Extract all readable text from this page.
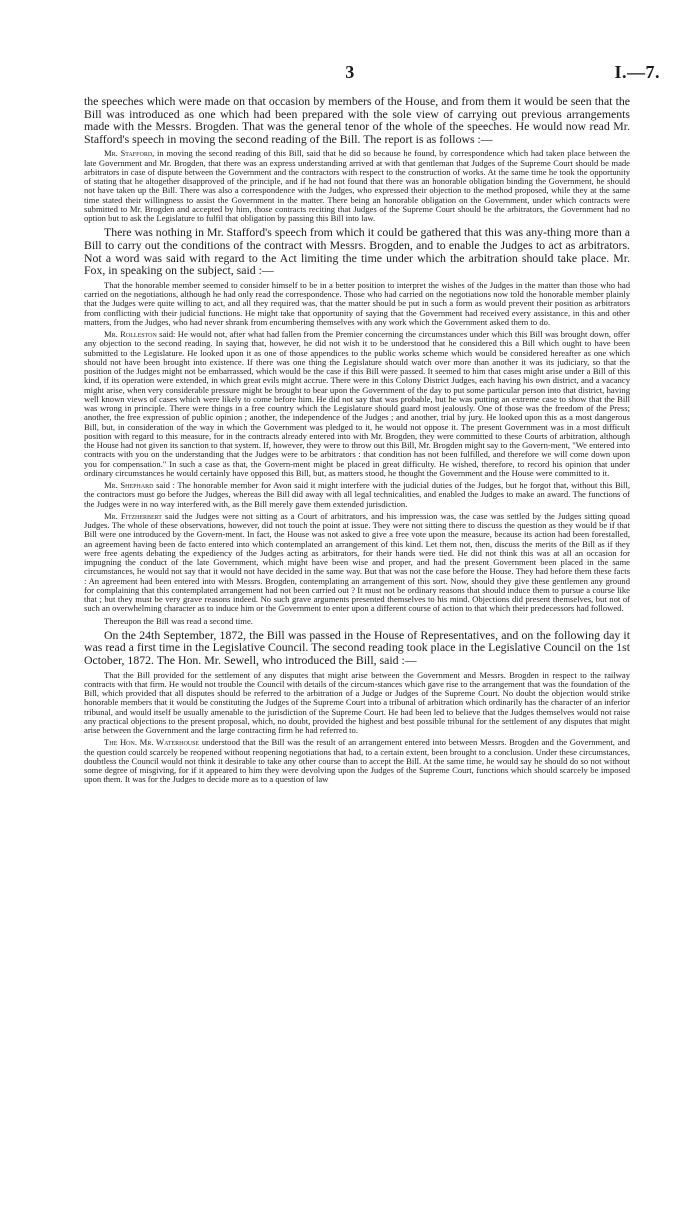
3	I.—7.

the speeches which were made on that occasion by members of the House, and from them it would be seen that the Bill was introduced as one which had been prepared with the sole view of carrying out previous arrangements made with the Messrs. Brogden. That was the general tenor of the whole of the speeches. He would now read Mr. Stafford's speech in moving the second reading of the Bill. The report is as follows :—

Mr. Stafford, in moving the second reading of this Bill, said that he did so because he found, by correspondence which had taken place between the late Government and Mr. Brogden, that there was an express understanding arrived at with that gentleman that Judges of the Supreme Court should be made arbitrators in case of dispute between the Government and the contractors with respect to the construction of works. At the same time he took the opportunity of stating that he altogether disapproved of the principle, and if he had not found that there was an honorable obligation binding the Government, he should not have taken up the Bill. There was also a correspondence with the Judges, who expressed their objection to the method proposed, while they at the same time stated their willingness to assist the Government in the matter. There being an honorable obligation on the Government, under which contracts were submitted to Mr. Brogden and accepted by him, those contracts reciting that Judges of the Supreme Court should be the arbitrators, the Government had no option but to ask the Legislature to fulfil that obligation by passing this Bill into law.

There was nothing in Mr. Stafford's speech from which it could be gathered that this was any-thing more than a Bill to carry out the conditions of the contract with Messrs. Brogden, and to enable the Judges to act as arbitrators. Not a word was said with regard to the Act limiting the time under which the arbitration should take place. Mr. Fox, in speaking on the subject, said :—

That the honorable member seemed to consider himself to be in a better position to interpret the wishes of the Judges in the matter than those who had carried on the negotiations, although he had only read the correspondence. Those who had carried on the negotiations now told the honorable member plainly that the Judges were quite willing to act, and all they required was, that the matter should be put in such a form as would prevent their position as arbitrators from conflicting with their judicial functions. He might take that opportunity of saying that the Government had received every assistance, in this and other matters, from the Judges, who had never shrank from encumbering themselves with any work which the Government asked them to do.

Mr. Rolleston said: He would not, after what had fallen from the Premier concerning the circumstances under which this Bill was brought down, offer any objection to the second reading. In saying that, however, he did not wish it to be understood that he considered this a Bill which ought to have been submitted to the Legislature. He looked upon it as one of those appendices to the public works scheme which would be considered hereafter as one which should not have been brought into existence. If there was one thing the Legislature should watch over more than another it was its judiciary, so that the position of the Judges might not be embarrassed, which would be the case if this Bill were passed. It seemed to him that cases might arise under a Bill of this kind, if its operation were extended, in which great evils might accrue. There were in this Colony District Judges, each having his own district, and a vacancy might arise, when very considerable pressure might be brought to bear upon the Government of the day to put some particular person into that district, having well known views of cases which were likely to come before him. He did not say that was probable, but he was putting an extreme case to show that the Bill was wrong in principle. There were things in a free country which the Legislature should guard most jealously. One of those was the freedom of the Press; another, the free expression of public opinion ; another, the independence of the Judges ; and another, trial by jury. He looked upon this as a most dangerous Bill, but, in consideration of the way in which the Government was pledged to it, he would not oppose it. The present Government was in a most difficult position with regard to this measure, for in the contracts already entered into with Mr. Brogden, they were committed to these Courts of arbitration, although the House had not given its sanction to that system. If, however, they were to throw out this Bill, Mr. Brogden might say to the Govern-ment, "We entered into contracts with you on the understanding that the Judges were to be arbitrators : that condition has not been fulfilled, and therefore we will come down upon you for compensation." In such a case as that, the Govern-ment might be placed in great difficulty. He wished, therefore, to record his opinion that under ordinary circumstances he would certainly have opposed this Bill, but, as matters stood, he thought the Government and the House were committed to it.

Mr. Shephard said : The honorable member for Avon said it might interfere with the judicial duties of the Judges, but he forgot that, without this Bill, the contractors must go before the Judges, whereas the Bill did away with all legal technicalities, and enabled the Judges to make an award. The functions of the Judges were in no way interfered with, as the Bill merely gave them extended jurisdiction.

Mr. Fitzherbert said the Judges were not sitting as a Court of arbitrators, and his impression was, the case was settled by the Judges sitting quoad Judges. The whole of these observations, however, did not touch the point at issue. They were not sitting there to discuss the question as they would be if that Bill were one introduced by the Govern-ment. In fact, the House was not asked to give a free vote upon the measure, because its action had been forestalled, an agreement having been de facto entered into which contemplated an arrangement of this kind. Let them not, then, discuss the merits of the Bill as if they were free agents debating the expediency of the Judges acting as arbitrators, for their hands were tied. He did not think this was at all an occasion for impugning the conduct of the late Government, which might have been wise and proper, and had the present Government been placed in the same circumstances, he would not say that it would not have decided in the same way. But that was not the case before the House. They had before them these facts : An agreement had been entered into with Messrs. Brogden, contemplating an arrangement of this sort. Now, should they give these gentlemen any ground for complaining that this contemplated arrangement had not been carried out ? It must not be ordinary reasons that should induce them to pursue a course like that ; but they must be very grave reasons indeed. No such grave arguments presented themselves to his mind. Objections did present themselves, but not of such an overwhelming character as to induce him or the Government to enter upon a different course of action to that which their predecessors had followed.

Thereupon the Bill was read a second time.

On the 24th September, 1872, the Bill was passed in the House of Representatives, and on the following day it was read a first time in the Legislative Council. The second reading took place in the Legislative Council on the 1st October, 1872. The Hon. Mr. Sewell, who introduced the Bill, said :—

That the Bill provided for the settlement of any disputes that might arise between the Government and Messrs. Brogden in respect to the railway contracts with that firm. He would not trouble the Council with details of the circum-stances which gave rise to the arrangement that was the foundation of the Bill, which provided that all disputes should be referred to the arbitration of a Judge or Judges of the Supreme Court. No doubt the objection would strike honorable members that it would be constituting the Judges of the Supreme Court into a tribunal of arbitration which ordinarily has the character of an inferior tribunal, and would itself be usually amenable to the jurisdiction of the Supreme Court. He had been led to believe that the Judges themselves would not raise any practical objections to the present proposal, which, no doubt, provided the highest and best possible tribunal for the settlement of any disputes that might arise between the Government and the large contracting firm he had referred to.

The Hon. Mr. Waterhouse understood that the Bill was the result of an arrangement entered into between Messrs. Brogden and the Government, and the question could scarcely be reopened without reopening negotiations that had, to a certain extent, been brought to a conclusion. Under these circumstances, doubtless the Council would not think it desirable to take any other course than to accept the Bill. At the same time, he would say he should do so not without some degree of misgiving, for if it appeared to him they were devolving upon the Judges of the Supreme Court, functions which should scarcely be imposed upon them. It was for the Judges to decide more as to a question of law
